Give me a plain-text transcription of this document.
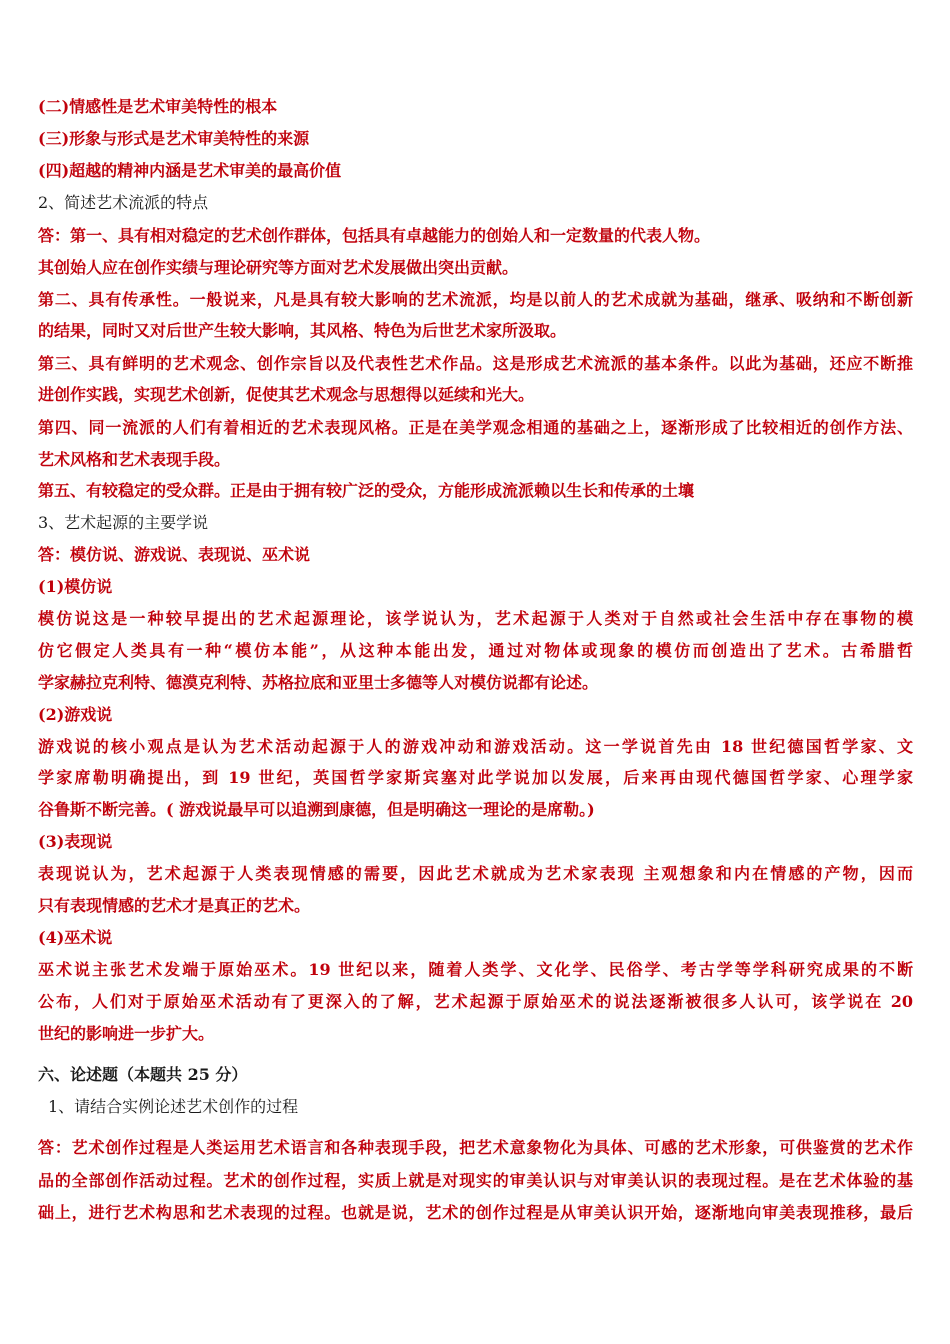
(二)情感性是艺术审美特性的根本

(三)形象与形式是艺术审美特性的来源

(四)超越的精神内涵是艺术审美的最高价值

2、简述艺术流派的特点

答：第一、具有相对稳定的艺术创作群体，包括具有卓越能力的创始人和一定数量的代表人物。

其创始人应在创作实绩与理论研究等方面对艺术发展做出突出贡献。

第二、具有传承性。一般说来，凡是具有较大影响的艺术流派，均是以前人的艺术成就为基础，继承、吸纳和不断创新

的结果，同时又对后世产生较大影响，其风格、特色为后世艺术家所汲取。

第三、具有鲜明的艺术观念、创作宗旨以及代表性艺术作品。这是形成艺术流派的基本条件。以此为基础，还应不断推

进创作实践，实现艺术创新，促使其艺术观念与思想得以延续和光大。

第四、同一流派的人们有着相近的艺术表现风格。正是在美学观念相通的基础之上，逐渐形成了比较相近的创作方法、

艺术风格和艺术表现手段。

第五、有较稳定的受众群。正是由于拥有较广泛的受众，方能形成流派赖以生长和传承的土壤

3、艺术起源的主要学说

答：模仿说、游戏说、表现说、巫术说

(1)模仿说

模仿说这是一种较早提出的艺术起源理论，该学说认为，艺术起源于人类对于自然或社会生活中存在事物的模

仿它假定人类具有一种“模仿本能”，从这种本能出发，通过对物体或现象的模仿而创造出了艺术。古希腊哲

学家赫拉克利特、德漠克利特、苏格拉底和亚里士多德等人对模仿说都有论述。

(2)游戏说

游戏说的核小观点是认为艺术活动起源于人的游戏冲动和游戏活动。这一学说首先由 18 世纪德国哲学家、文

学家席勒明确提出，到 19 世纪，英国哲学家斯宾塞对此学说加以发展，后来再由现代德国哲学家、心理学家

谷鲁斯不断完善。( 游戏说最早可以追溯到康德，但是明确这一理论的是席勒。)

(3)表现说

表现说认为，艺术起源于人类表现情感的需要，因此艺术就成为艺术家表现 主观想象和内在情感的产物，因而

只有表现情感的艺术才是真正的艺术。

(4)巫术说

巫术说主张艺术发端于原始巫术。19 世纪以来，随着人类学、文化学、民俗学、考古学等学科研究成果的不断

公布，人们对于原始巫术活动有了更深入的了解，艺术起源于原始巫术的说法逐渐被很多人认可，该学说在 20

世纪的影响进一步扩大。

六、论述题（本题共 25 分）

1、请结合实例论述艺术创作的过程

答：艺术创作过程是人类运用艺术语言和各种表现手段，把艺术意象物化为具体、可感的艺术形象，可供鉴赏的艺术作

品的全部创作活动过程。艺术的创作过程，实质上就是对现实的审美认识与对审美认识的表现过程。是在艺术体验的基

础上，进行艺术构思和艺术表现的过程。也就是说，艺术的创作过程是从审美认识开始，逐渐地向审美表现推移，最后
